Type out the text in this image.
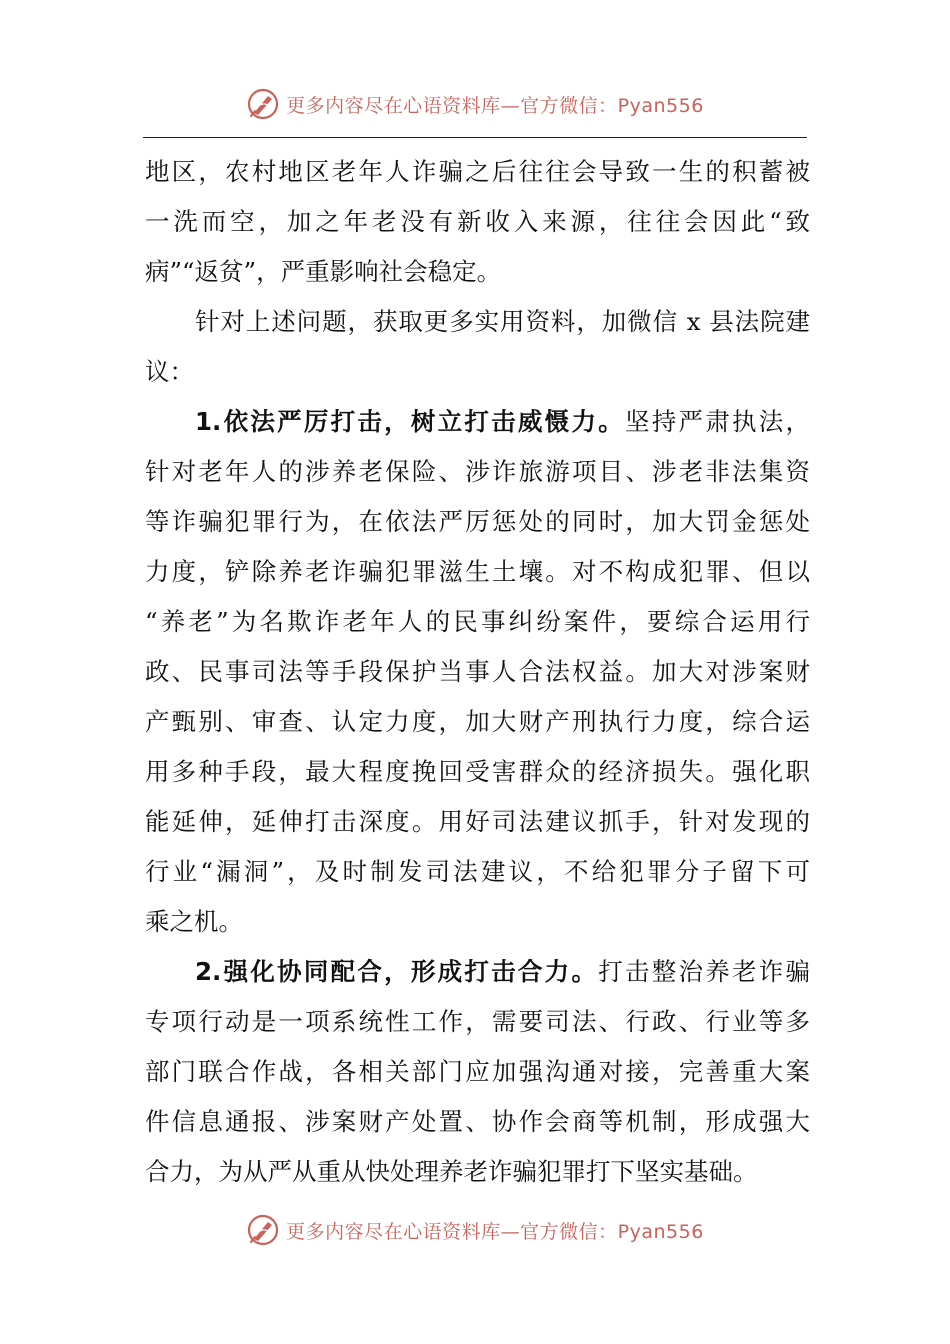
更多内容尽在心语资料库—官方微信：Pyan556
地区，农村地区老年人诈骗之后往往会导致一生的积蓄被
一洗而空，加之年老没有新收入来源，往往会因此“致
病”“返贫”，严重影响社会稳定。
针对上述问题，获取更多实用资料，加微信 x 县法院建
议：
1.依法严厉打击，树立打击威慑力。坚持严肃执法，
针对老年人的涉养老保险、涉诈旅游项目、涉老非法集资
等诈骗犯罪行为，在依法严厉惩处的同时，加大罚金惩处
力度，铲除养老诈骗犯罪滋生土壤。对不构成犯罪、但以
“养老”为名欺诈老年人的民事纠纷案件，要综合运用行
政、民事司法等手段保护当事人合法权益。加大对涉案财
产甄别、审查、认定力度，加大财产刑执行力度，综合运
用多种手段，最大程度挽回受害群众的经济损失。强化职
能延伸，延伸打击深度。用好司法建议抓手，针对发现的
行业“漏洞”，及时制发司法建议，不给犯罪分子留下可
乘之机。
2.强化协同配合，形成打击合力。打击整治养老诈骗
专项行动是一项系统性工作，需要司法、行政、行业等多
部门联合作战，各相关部门应加强沟通对接，完善重大案
件信息通报、涉案财产处置、协作会商等机制，形成强大
合力，为从严从重从快处理养老诈骗犯罪打下坚实基础。
更多内容尽在心语资料库—官方微信：Pyan556
